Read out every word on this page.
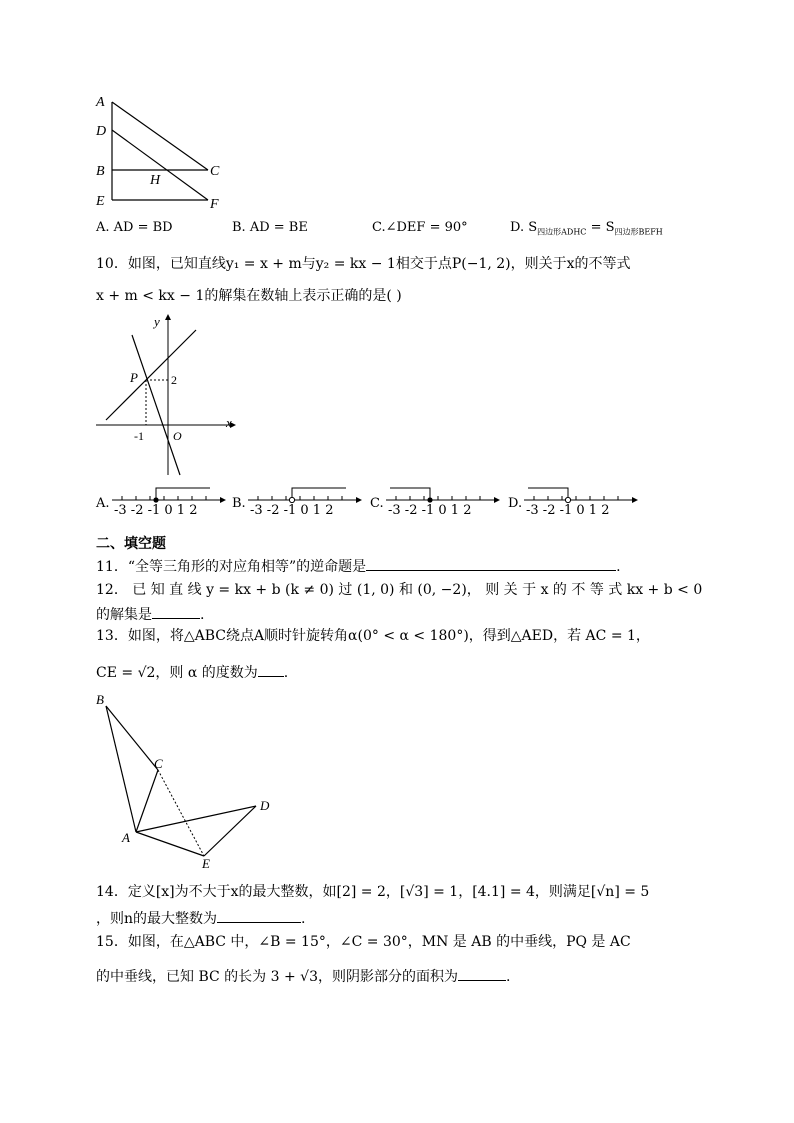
A
D
B
E
C
H
F
A. AD = BD	B. AD = BE	C.∠DEF = 90°	D. $S_{四边形ADHC} = S_{四边形BEFH}$
10．如图，已知直线y₁ = x + m与y₂ = kx − 1相交于点P(−1, 2)，则关于x的不等式
x + m < kx − 1的解集在数轴上表示正确的是( )
y
x
P	2
-1 O
A. -3 -2 -1 0 1 2	B. -3 -2 -1 0 1 2	C. -3 -2 -1 0 1 2	D. -3 -2 -1 0 1 2
二、填空题
11．“全等三角形的对应角相等”的逆命题是	.
12． 已 知 直 线 y = kx + b (k ≠ 0) 过 (1, 0) 和 (0, −2)， 则 关 于 x 的 不 等 式 kx + b < 0
的解集是	.
13．如图，将△ABC绕点A顺时针旋转角α(0° < α < 180°)，得到△AED，若 AC = 1，
CE = √2，则 α 的度数为 .
B
C
D
A
E
14．定义[x]为不大于x的最大整数，如[2] = 2，[√3] = 1，[4.1] = 4，则满足[√n] = 5
，则n的最大整数为	.
15．如图，在△ABC 中，∠B = 15°，∠C = 30°，MN 是 AB 的中垂线，PQ 是 AC
的中垂线，已知 BC 的长为 3 + √3，则阴影部分的面积为	.
